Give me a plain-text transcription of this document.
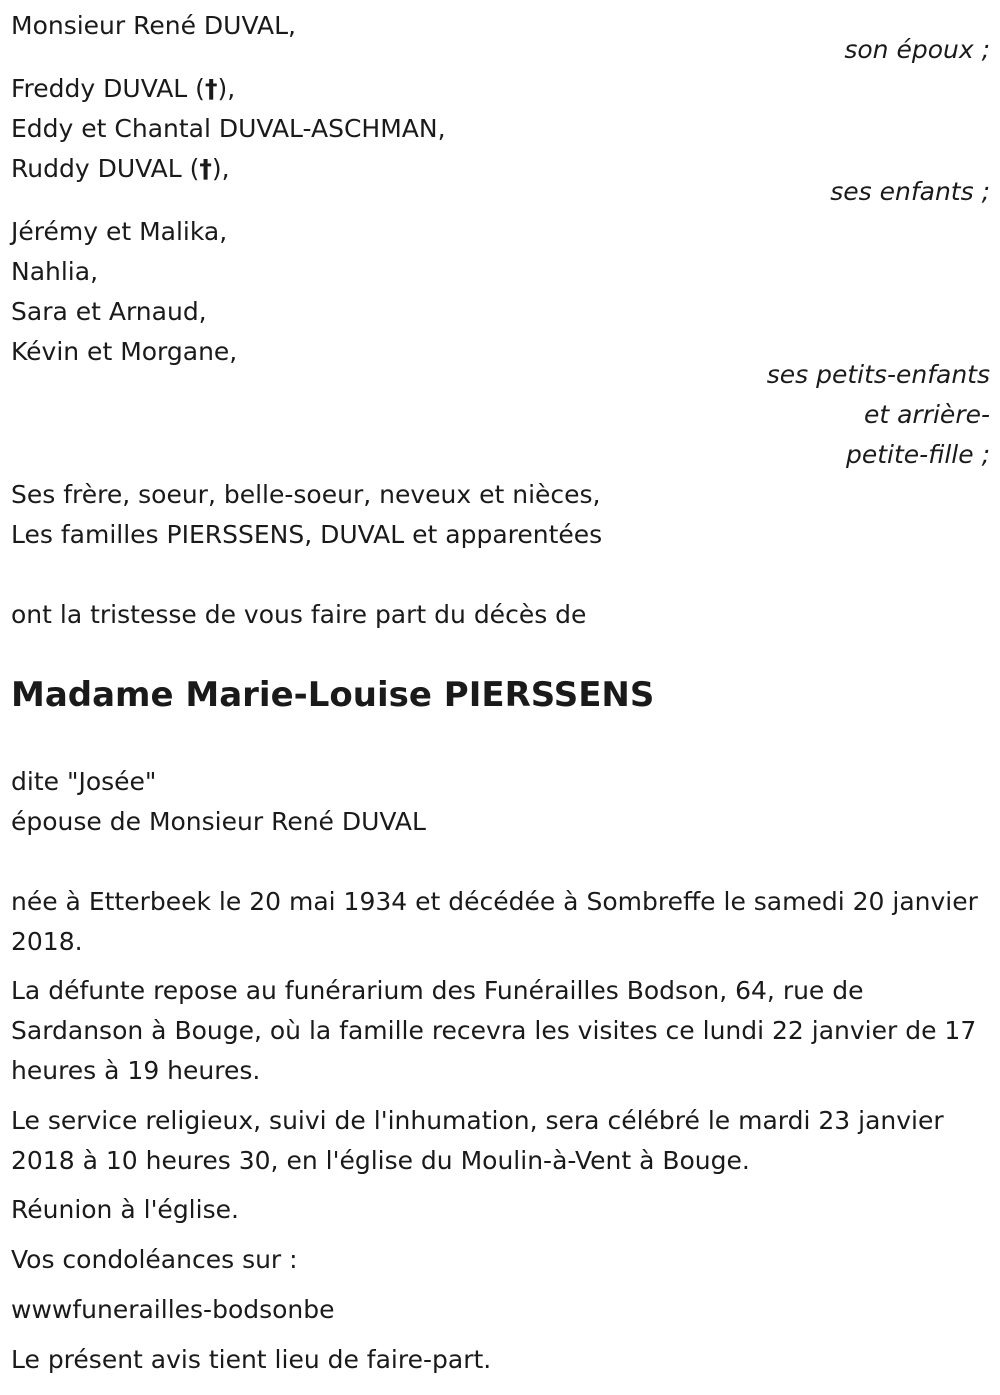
Monsieur René DUVAL,
son époux ;
Freddy DUVAL (†),
Eddy et Chantal DUVAL-ASCHMAN,
Ruddy DUVAL (†),
ses enfants ;
Jérémy et Malika,
Nahlia,
Sara et Arnaud,
Kévin et Morgane,
ses petits-enfants
et arrière-
petite-fille ;
Ses frère, soeur, belle-soeur, neveux et nièces,
Les familles PIERSSENS, DUVAL et apparentées
ont la tristesse de vous faire part du décès de
Madame Marie-Louise PIERSSENS
dite "Josée"
épouse de Monsieur René DUVAL
née à Etterbeek le 20 mai 1934 et décédée à Sombreffe le samedi 20 janvier 2018.
La défunte repose au funérarium des Funérailles Bodson, 64, rue de Sardanson à Bouge, où la famille recevra les visites ce lundi 22 janvier de 17 heures à 19 heures.
Le service religieux, suivi de l'inhumation, sera célébré le mardi 23 janvier 2018 à 10 heures 30, en l'église du Moulin-à-Vent à Bouge.
Réunion à l'église.
Vos condoléances sur :
wwwfunerailles-bodsonbe
Le présent avis tient lieu de faire-part.
